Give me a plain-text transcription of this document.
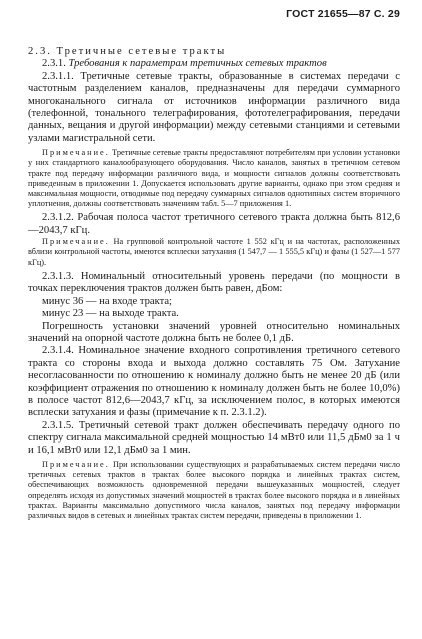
ГОСТ 21655—87 С. 29

2.3. Третичные сетевые тракты

2.3.1. Требования к параметрам третичных сетевых трактов

2.3.1.1. Третичные сетевые тракты, образованные в системах передачи с частотным разделением каналов, предназначены для передачи суммарного многоканального сигнала от источников информации различного вида (телефонной, тонального телеграфирования, фототелеграфирования, передачи данных, вещания и другой информации) между сетевыми станциями и сетевыми узлами магистральной сети.

Примечание. Третичные сетевые тракты предоставляют потребителям при условии установки у них стандартного каналообразующего оборудования. Число каналов, занятых в третичном сетевом тракте под передачу информации различного вида, и мощности сигналов должны соответствовать приведенным в приложении 1. Допускается использовать другие варианты, однако при этом средняя и максимальная мощности, отводимые под передачу суммарных сигналов однотипных систем вторичного уплотнения, должны соответствовать значениям табл. 5—7 приложения 1.

2.3.1.2. Рабочая полоса частот третичного сетевого тракта должна быть 812,6—2043,7 кГц.

Примечание. На групповой контрольной частоте 1 552 кГц и на частотах, расположенных вблизи контрольной частоты, имеются всплески затухания (1 547,7 — 1 555,5 кГц) и фазы (1 527—1 577 кГц).

2.3.1.3. Номинальный относительный уровень передачи (по мощности в точках переключения трактов должен быть равен, дБом:

минус 36 — на входе тракта;

минус 23 — на выходе тракта.

Погрешность установки значений уровней относительно номинальных значений на опорной частоте должна быть не более 0,1 дБ.

2.3.1.4. Номинальное значение входного сопротивления третичного сетевого тракта со стороны входа и выхода должно составлять 75 Ом. Затухание несогласованности по отношению к номиналу должно быть не менее 20 дБ (или коэффициент отражения по отношению к номиналу должен быть не более 10,0%) в полосе частот 812,6—2043,7 кГц, за исключением полос, в которых имеются всплески затухания и фазы (примечание к п. 2.3.1.2).

2.3.1.5. Третичный сетевой тракт должен обеспечивать передачу одного по спектру сигнала максимальной средней мощностью 14 мВт0 или 11,5 дБм0 за 1 ч и 16,1 мВт0 или 12,1 дБм0 за 1 мин.

Примечание. При использовании существующих и разрабатываемых систем передачи число третичных сетевых трактов в трактах более высокого порядка и линейных трактах систем, обеспечивающих возможность одновременной передачи вышеуказанных мощностей, следует определять исходя из допустимых значений мощностей в трактах более высокого порядка и в линейных трактах. Варианты максимально допустимого числа каналов, занятых под передачу информации различных видов в сетевых и линейных трактах систем передачи, приведены в приложении 1.
